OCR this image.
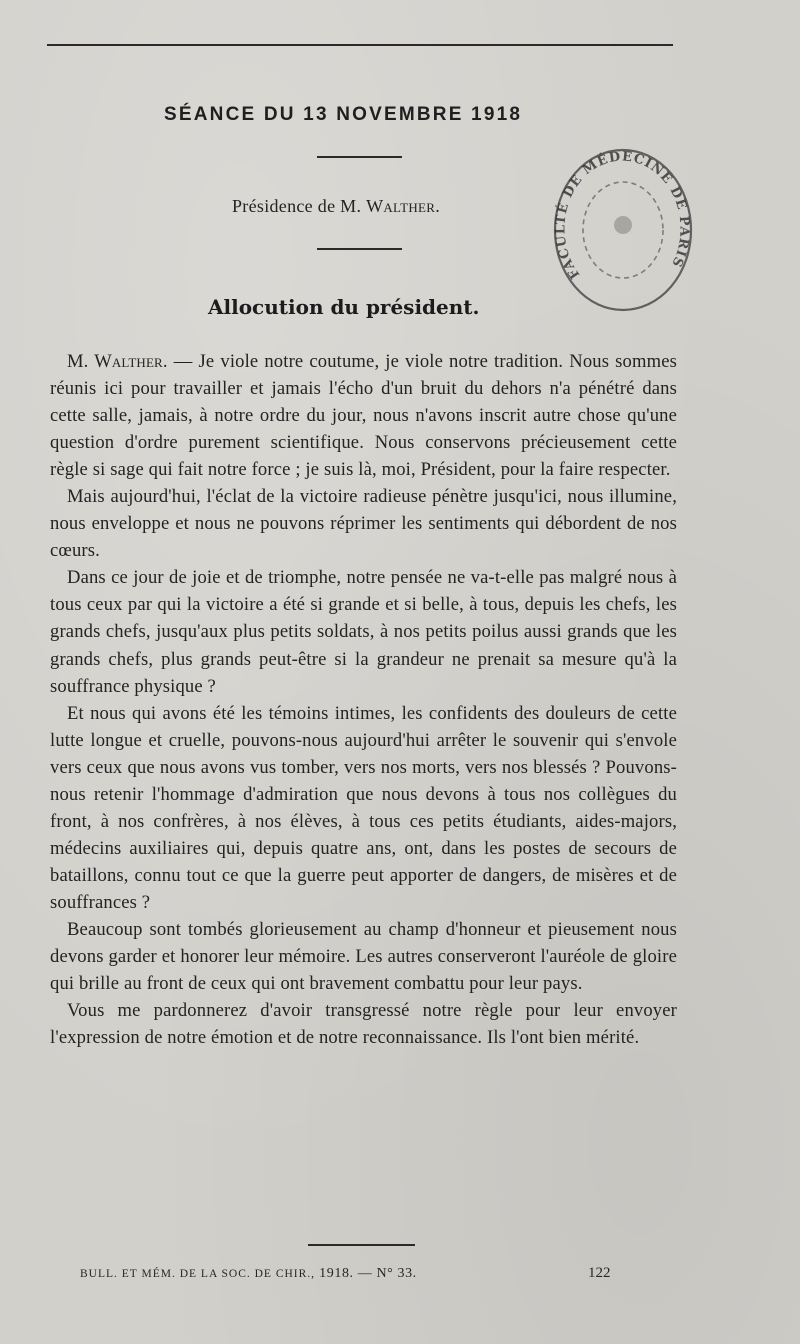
SÉANCE DU 13 NOVEMBRE 1918
Présidence de M. Walther.
Allocution du président.
FACULTÉ DE MÉDECINE DE PARIS

M. Walther. — Je viole notre coutume, je viole notre tradition. Nous sommes réunis ici pour travailler et jamais l'écho d'un bruit du dehors n'a pénétré dans cette salle, jamais, à notre ordre du jour, nous n'avons inscrit autre chose qu'une question d'ordre purement scientifique. Nous conservons précieusement cette règle si sage qui fait notre force ; je suis là, moi, Président, pour la faire respecter.

Mais aujourd'hui, l'éclat de la victoire radieuse pénètre jusqu'ici, nous illumine, nous enveloppe et nous ne pouvons réprimer les sentiments qui débordent de nos cœurs.

Dans ce jour de joie et de triomphe, notre pensée ne va-t-elle pas malgré nous à tous ceux par qui la victoire a été si grande et si belle, à tous, depuis les chefs, les grands chefs, jusqu'aux plus petits soldats, à nos petits poilus aussi grands que les grands chefs, plus grands peut-être si la grandeur ne prenait sa mesure qu'à la souffrance physique ?

Et nous qui avons été les témoins intimes, les confidents des douleurs de cette lutte longue et cruelle, pouvons-nous aujourd'hui arrêter le souvenir qui s'envole vers ceux que nous avons vus tomber, vers nos morts, vers nos blessés ? Pouvons-nous retenir l'hommage d'admiration que nous devons à tous nos collègues du front, à nos confrères, à nos élèves, à tous ces petits étudiants, aides-majors, médecins auxiliaires qui, depuis quatre ans, ont, dans les postes de secours de bataillons, connu tout ce que la guerre peut apporter de dangers, de misères et de souffrances ?

Beaucoup sont tombés glorieusement au champ d'honneur et pieusement nous devons garder et honorer leur mémoire. Les autres conserveront l'auréole de gloire qui brille au front de ceux qui ont bravement combattu pour leur pays.

Vous me pardonnerez d'avoir transgressé notre règle pour leur envoyer l'expression de notre émotion et de notre reconnaissance. Ils l'ont bien mérité.

BULL. ET MÉM. DE LA SOC. DE CHIR., 1918. — N° 33.	122
